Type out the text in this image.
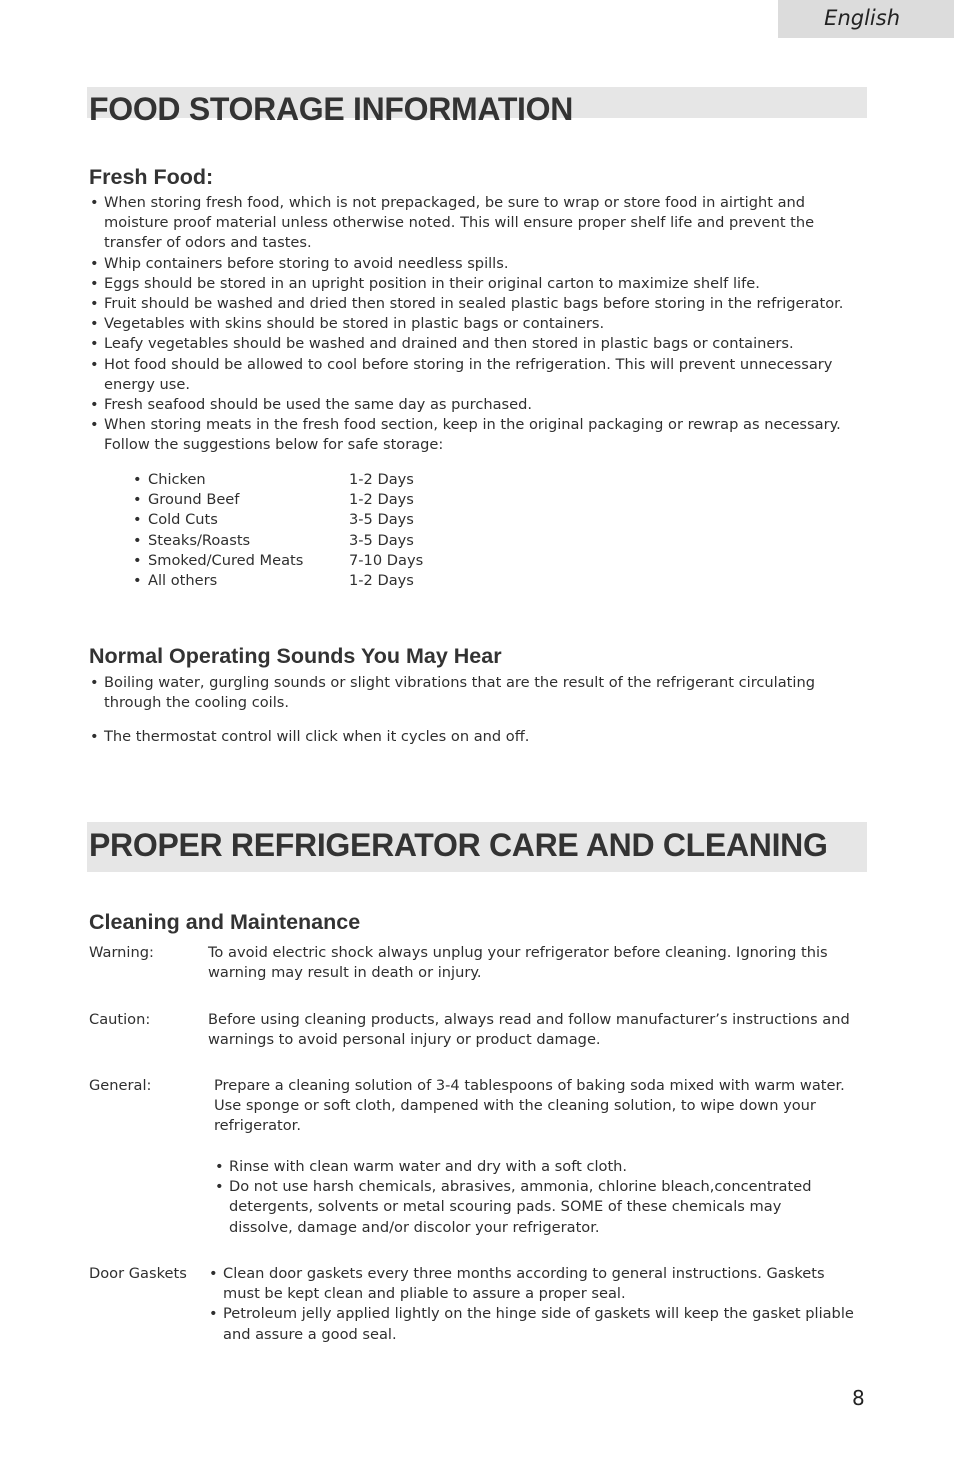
English
FOOD STORAGE INFORMATION
Fresh Food:
• When storing fresh food, which is not prepackaged, be sure to wrap or store food in airtight and
moisture proof material unless otherwise noted. This will ensure proper shelf life and prevent the
transfer of odors and tastes.
• Whip containers before storing to avoid needless spills.
• Eggs should be stored in an upright position in their original carton to maximize shelf life.
• Fruit should be washed and dried then stored in sealed plastic bags before storing in the refrigerator.
• Vegetables with skins should be stored in plastic bags or containers.
• Leafy vegetables should be washed and drained and then stored in plastic bags or containers.
• Hot food should be allowed to cool before storing in the refrigeration. This will prevent unnecessary
energy use.
• Fresh seafood should be used the same day as purchased.
• When storing meats in the fresh food section, keep in the original packaging or rewrap as necessary.
Follow the suggestions below for safe storage:
• Chicken	1-2 Days
• Ground Beef	1-2 Days
• Cold Cuts	3-5 Days
• Steaks/Roasts	3-5 Days
• Smoked/Cured Meats	7-10 Days
• All others	1-2 Days
Normal Operating Sounds You May Hear
• Boiling water, gurgling sounds or slight vibrations that are the result of the refrigerant circulating
through the cooling coils.
• The thermostat control will click when it cycles on and off.
PROPER REFRIGERATOR CARE AND CLEANING
Cleaning and Maintenance
Warning:	To avoid electric shock always unplug your refrigerator before cleaning. Ignoring this
warning may result in death or injury.
Caution:	Before using cleaning products, always read and follow manufacturer’s instructions and
warnings to avoid personal injury or product damage.
General:	Prepare a cleaning solution of 3-4 tablespoons of baking soda mixed with warm water.
Use sponge or soft cloth, dampened with the cleaning solution, to wipe down your
refrigerator.
• Rinse with clean warm water and dry with a soft cloth.
• Do not use harsh chemicals, abrasives, ammonia, chlorine bleach,concentrated
detergents, solvents or metal scouring pads. SOME of these chemicals may
dissolve, damage and/or discolor your refrigerator.
Door Gaskets • Clean door gaskets every three months according to general instructions. Gaskets
must be kept clean and pliable to assure a proper seal.
• Petroleum jelly applied lightly on the hinge side of gaskets will keep the gasket pliable
and assure a good seal.
8
